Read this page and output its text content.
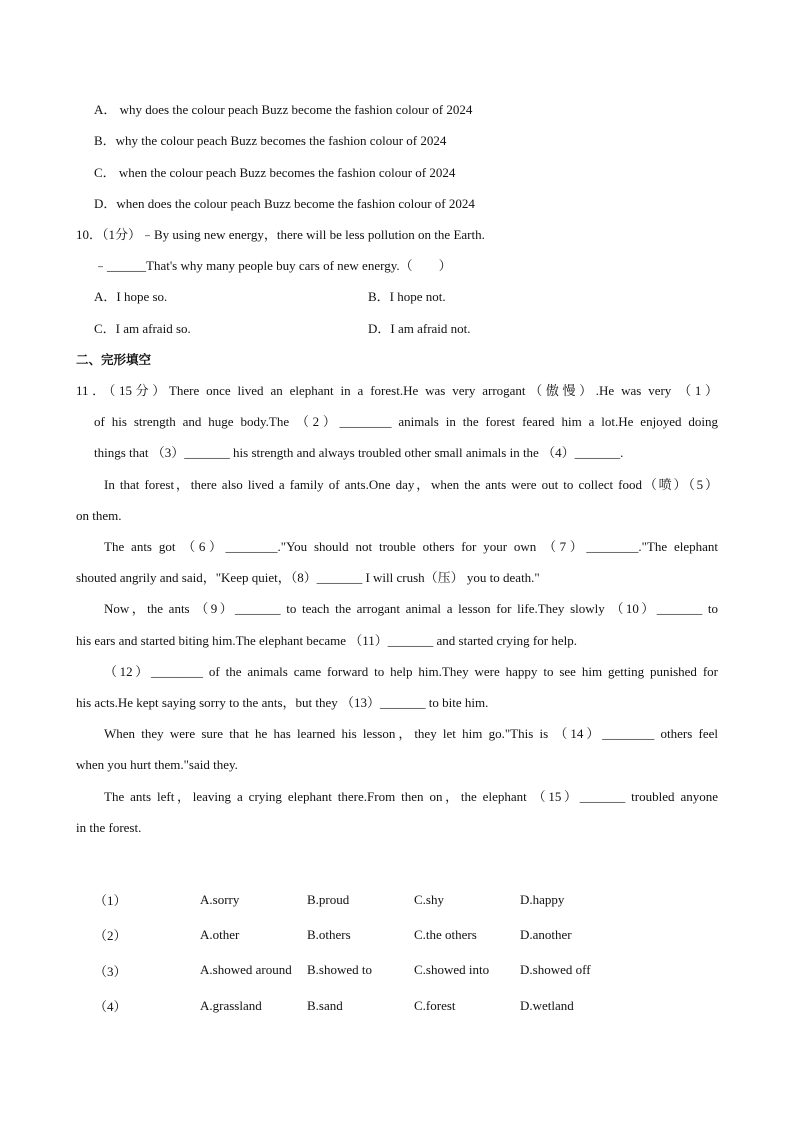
A． why does the colour peach Buzz become the fashion colour of 2024
B．why the colour peach Buzz becomes the fashion colour of 2024
C． when the colour peach Buzz becomes the fashion colour of 2024
D．when does the colour peach Buzz become the fashion colour of 2024
10．（1分）﹣By using new energy，there will be less pollution on the Earth.
﹣______That's why many people buy cars of new energy.（　　）
A．I hope so.	B．I hope not.
C．I am afraid so.	D．I am afraid not.
二、完形填空
11．（15分）There once lived an elephant in a forest.He was very arrogant（傲慢）.He was very （1）
of his strength and huge body.The （2）________ animals in the forest feared him a lot.He enjoyed doing
things that （3）_______ his strength and always troubled other small animals in the （4）_______.
In that forest，there also lived a family of ants.One day，when the ants were out to collect food（喷）（5）
on them.
The ants got （6）________."You should not trouble others for your own （7）________."The elephant
shouted angrily and said，"Keep quiet，（8）_______ I will crush（压） you to death."
Now，the ants （9）_______ to teach the arrogant animal a lesson for life.They slowly （10）_______ to
his ears and started biting him.The elephant became （11）_______ and started crying for help.
（12）________ of the animals came forward to help him.They were happy to see him getting punished for
his acts.He kept saying sorry to the ants，but they （13）_______ to bite him.
When they were sure that he has learned his lesson，they let him go."This is （14）________ others feel
when you hurt them."said they.
The ants left，leaving a crying elephant there.From then on，the elephant （15）_______ troubled anyone
in the forest.
（1）	A.sorry	B.proud	C.shy	D.happy
（2）	A.other	B.others	C.the others	D.another
（3）	A.showed around	B.showed to	C.showed into	D.showed off
（4）	A.grassland	B.sand	C.forest	D.wetland
